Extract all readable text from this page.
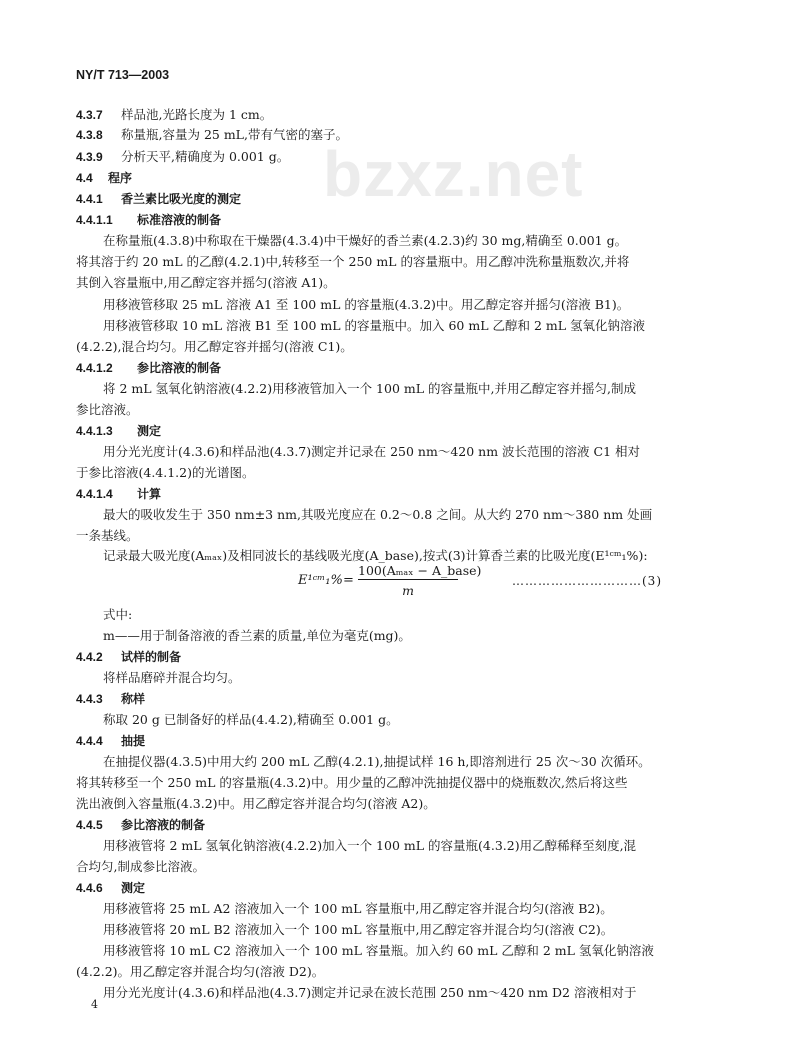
NY/T 713—2003
bzxz.net
4.3.7 样品池,光路长度为 1 cm。
4.3.8 称量瓶,容量为 25 mL,带有气密的塞子。
4.3.9 分析天平,精确度为 0.001 g。
4.4 程序
4.4.1 香兰素比吸光度的测定
4.4.1.1 标准溶液的制备
在称量瓶(4.3.8)中称取在干燥器(4.3.4)中干燥好的香兰素(4.2.3)约 30 mg,精确至 0.001 g。
将其溶于约 20 mL 的乙醇(4.2.1)中,转移至一个 250 mL 的容量瓶中。用乙醇冲洗称量瓶数次,并将
其倒入容量瓶中,用乙醇定容并摇匀(溶液 A1)。
用移液管移取 25 mL 溶液 A1 至 100 mL 的容量瓶(4.3.2)中。用乙醇定容并摇匀(溶液 B1)。
用移液管移取 10 mL 溶液 B1 至 100 mL 的容量瓶中。加入 60 mL 乙醇和 2 mL 氢氧化钠溶液
(4.2.2),混合均匀。用乙醇定容并摇匀(溶液 C1)。
4.4.1.2 参比溶液的制备
将 2 mL 氢氧化钠溶液(4.2.2)用移液管加入一个 100 mL 的容量瓶中,并用乙醇定容并摇匀,制成
参比溶液。
4.4.1.3 测定
用分光光度计(4.3.6)和样品池(4.3.7)测定并记录在 250 nm～420 nm 波长范围的溶液 C1 相对
于参比溶液(4.4.1.2)的光谱图。
4.4.1.4 计算
最大的吸收发生于 350 nm±3 nm,其吸光度应在 0.2～0.8 之间。从大约 270 nm～380 nm 处画
一条基线。
记录最大吸光度(Aₘₐₓ)及相同波长的基线吸光度(A_base),按式(3)计算香兰素的比吸光度(E¹ᶜᵐ₁%):
E¹ᶜᵐ₁% =
100(Aₘₐₓ − A_base)
m
…………………………(3)
式中:
m——用于制备溶液的香兰素的质量,单位为毫克(mg)。
4.4.2 试样的制备
将样品磨碎并混合均匀。
4.4.3 称样
称取 20 g 已制备好的样品(4.4.2),精确至 0.001 g。
4.4.4 抽提
在抽提仪器(4.3.5)中用大约 200 mL 乙醇(4.2.1),抽提试样 16 h,即溶剂进行 25 次～30 次循环。
将其转移至一个 250 mL 的容量瓶(4.3.2)中。用少量的乙醇冲洗抽提仪器中的烧瓶数次,然后将这些
洗出液倒入容量瓶(4.3.2)中。用乙醇定容并混合均匀(溶液 A2)。
4.4.5 参比溶液的制备
用移液管将 2 mL 氢氧化钠溶液(4.2.2)加入一个 100 mL 的容量瓶(4.3.2)用乙醇稀释至刻度,混
合均匀,制成参比溶液。
4.4.6 测定
用移液管将 25 mL A2 溶液加入一个 100 mL 容量瓶中,用乙醇定容并混合均匀(溶液 B2)。
用移液管将 20 mL B2 溶液加入一个 100 mL 容量瓶中,用乙醇定容并混合均匀(溶液 C2)。
用移液管将 10 mL C2 溶液加入一个 100 mL 容量瓶。加入约 60 mL 乙醇和 2 mL 氢氧化钠溶液
(4.2.2)。用乙醇定容并混合均匀(溶液 D2)。
用分光光度计(4.3.6)和样品池(4.3.7)测定并记录在波长范围 250 nm～420 nm D2 溶液相对于
4
